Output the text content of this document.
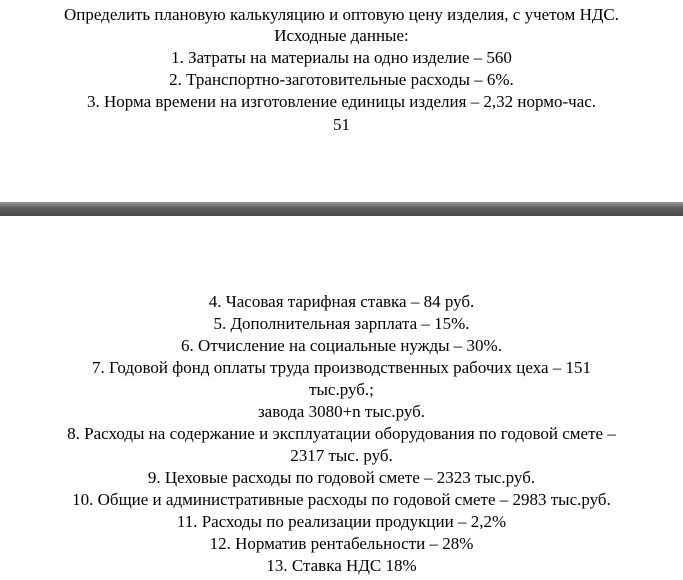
Определить плановую калькуляцию и оптовую цену изделия, с учетом НДС.
Исходные данные:
1. Затраты на материалы на одно изделие – 560
2. Транспортно-заготовительные расходы – 6%.
3. Норма времени на изготовление единицы изделия – 2,32 нормо-час.
51
4. Часовая тарифная ставка – 84 руб.
5. Дополнительная зарплата – 15%.
6. Отчисление на социальные нужды – 30%.
7. Годовой фонд оплаты труда производственных рабочих цеха – 151
тыс.руб.;
завода 3080+n тыс.руб.
8. Расходы на содержание и эксплуатации оборудования по годовой смете –
2317 тыс. руб.
9. Цеховые расходы по годовой смете – 2323 тыс.руб.
10. Общие и административные расходы по годовой смете – 2983 тыс.руб.
11. Расходы по реализации продукции – 2,2%
12. Норматив рентабельности – 28%
13. Ставка НДС 18%
